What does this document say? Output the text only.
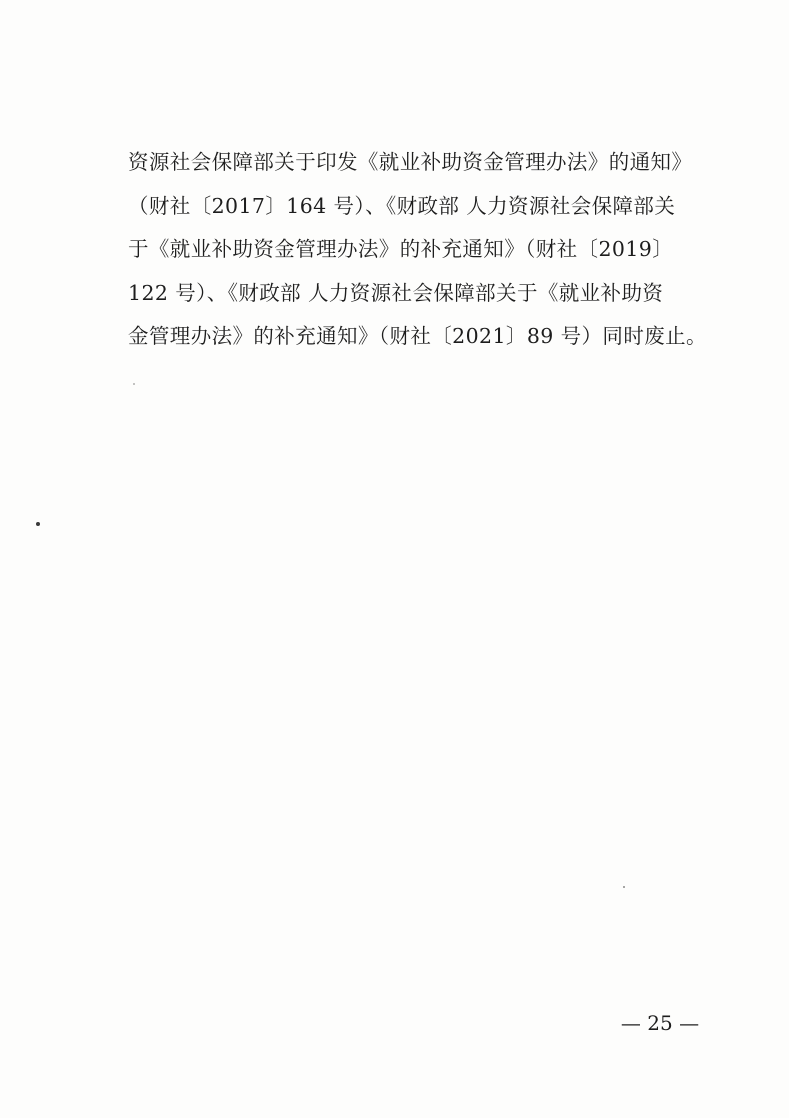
资源社会保障部关于印发《就业补助资金管理办法》的通知》
（财社〔2017〕164 号）、《财政部 人力资源社会保障部关
于《就业补助资金管理办法》的补充通知》（财社〔2019〕
122 号）、《财政部 人力资源社会保障部关于《就业补助资
金管理办法》的补充通知》（财社〔2021〕89 号）同时废止。

— 25 —
